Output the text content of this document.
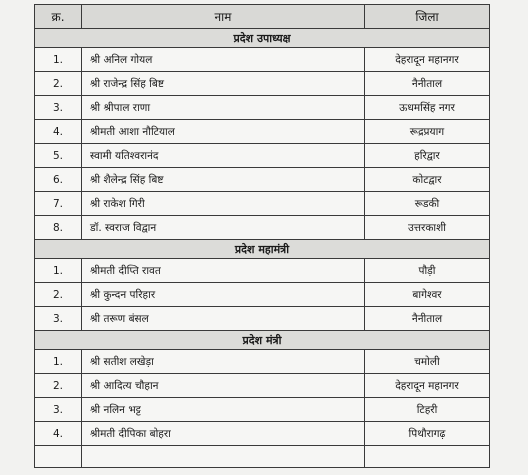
क्र.	नाम	जिला
प्रदेश उपाध्यक्ष		
1.	श्री अनिल गोयल	देहरादून महानगर
2.	श्री राजेन्द्र सिंह बिष्ट	नैनीताल
3.	श्री श्रीपाल राणा	ऊधमसिंह नगर
4.	श्रीमती आशा नौटियाल	रूद्रप्रयाग
5.	स्वामी यतिश्वरानंद	हरिद्वार
6.	श्री शैलेन्द्र सिंह बिष्ट	कोटद्वार
7.	श्री राकेश गिरी	रूडकी
8.	डॉ. स्वराज विद्वान	उत्तरकाशी
प्रदेश महामंत्री		
1.	श्रीमती दीप्ति रावत	पौड़ी
2.	श्री कुन्दन परिहार	बागेश्वर
3.	श्री तरूण बंसल	नैनीताल
प्रदेश मंत्री		
1.	श्री सतीश लखेड़ा	चमोली
2.	श्री आदित्य चौहान	देहरादून महानगर
3.	श्री नलिन भट्ट	टिहरी
4.	श्रीमती दीपिका बोहरा	पिथौरागढ़
